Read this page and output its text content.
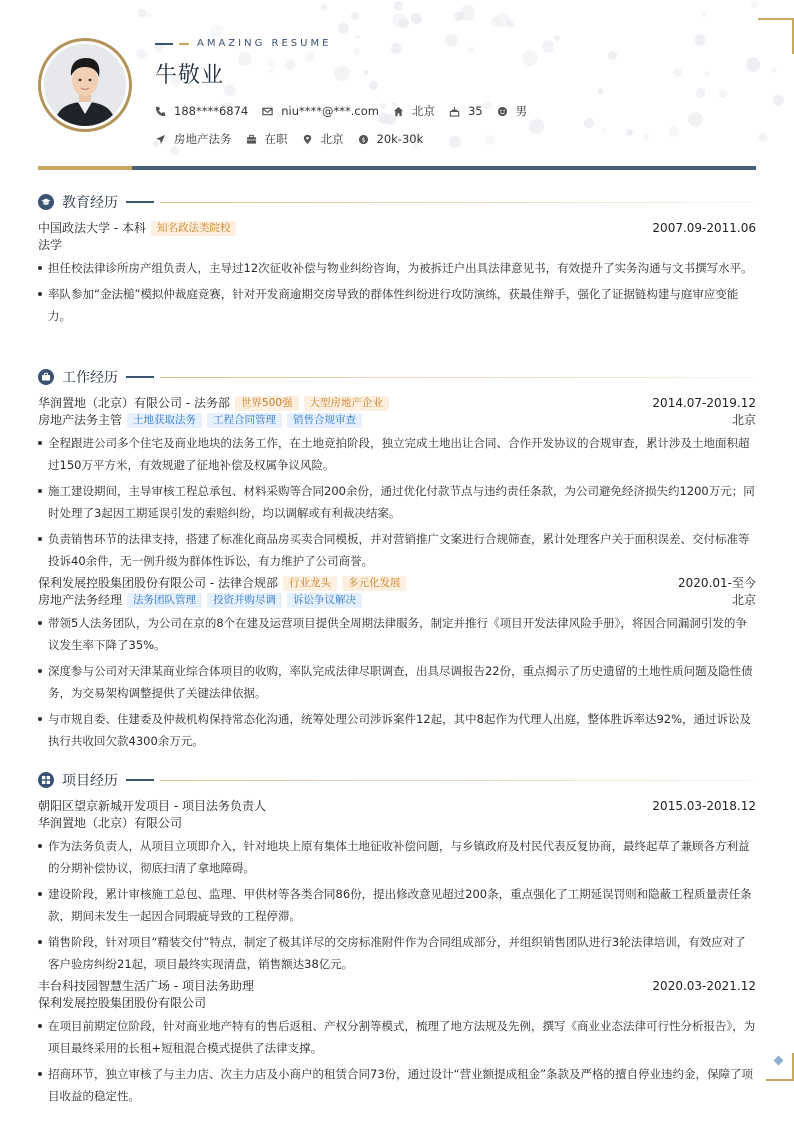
AMAZING RESUME
牛敬业
188****6874	niu****@***.com	北京	35	男
房地产法务	在职	北京 $ 20k-30k
教育经历
中国政法大学 - 本科	知名政法类院校	2007.09-2011.06
法学
担任校法律诊所房产组负责人，主导过12次征收补偿与物业纠纷咨询，为被拆迁户出具法律意见书，有效提升了实务沟通与文书撰写水平。
率队参加“金法槌”模拟仲裁庭竞赛，针对开发商逾期交房导致的群体性纠纷进行攻防演练，获最佳辩手，强化了证据链构建与庭审应变能力。
工作经历
华润置地（北京）有限公司 - 法务部	世界500强	大型房地产企业	2014.07-2019.12
房地产法务主管	土地获取法务	工程合同管理	销售合规审查	北京
全程跟进公司多个住宅及商业地块的法务工作，在土地竞拍阶段，独立完成土地出让合同、合作开发协议的合规审查，累计涉及土地面积超过150万平方米，有效规避了征地补偿及权属争议风险。
施工建设期间，主导审核工程总承包、材料采购等合同200余份，通过优化付款节点与违约责任条款，为公司避免经济损失约1200万元；同时处理了3起因工期延误引发的索赔纠纷，均以调解或有利裁决结案。
负责销售环节的法律支持，搭建了标准化商品房买卖合同模板，并对营销推广文案进行合规筛查，累计处理客户关于面积误差、交付标准等投诉40余件，无一例升级为群体性诉讼，有力维护了公司商誉。
保利发展控股集团股份有限公司 - 法律合规部	行业龙头	多元化发展	2020.01-至今
房地产法务经理	法务团队管理	投资并购尽调	诉讼争议解决	北京
带领5人法务团队，为公司在京的8个在建及运营项目提供全周期法律服务，制定并推行《项目开发法律风险手册》，将因合同漏洞引发的争议发生率下降了35%。
深度参与公司对天津某商业综合体项目的收购，率队完成法律尽职调查，出具尽调报告22份，重点揭示了历史遗留的土地性质问题及隐性债务，为交易架构调整提供了关键法律依据。
与市规自委、住建委及仲裁机构保持常态化沟通，统筹处理公司涉诉案件12起，其中8起作为代理人出庭，整体胜诉率达92%，通过诉讼及执行共收回欠款4300余万元。
项目经历
朝阳区望京新城开发项目 - 项目法务负责人	2015.03-2018.12
华润置地（北京）有限公司
作为法务负责人，从项目立项即介入，针对地块上原有集体土地征收补偿问题，与乡镇政府及村民代表反复协商，最终起草了兼顾各方利益的分期补偿协议，彻底扫清了拿地障碍。
建设阶段，累计审核施工总包、监理、甲供材等各类合同86份，提出修改意见超过200条，重点强化了工期延误罚则和隐蔽工程质量责任条款，期间未发生一起因合同瑕疵导致的工程停滞。
销售阶段，针对项目“精装交付”特点，制定了极其详尽的交房标准附件作为合同组成部分，并组织销售团队进行3轮法律培训，有效应对了客户验房纠纷21起，项目最终实现清盘，销售额达38亿元。
丰台科技园智慧生活广场 - 项目法务助理	2020.03-2021.12
保利发展控股集团股份有限公司
在项目前期定位阶段，针对商业地产特有的售后返租、产权分割等模式，梳理了地方法规及先例，撰写《商业业态法律可行性分析报告》，为项目最终采用的长租+短租混合模式提供了法律支撑。
招商环节，独立审核了与主力店、次主力店及小商户的租赁合同73份，通过设计“营业额提成租金”条款及严格的擅自停业违约金，保障了项目收益的稳定性。
